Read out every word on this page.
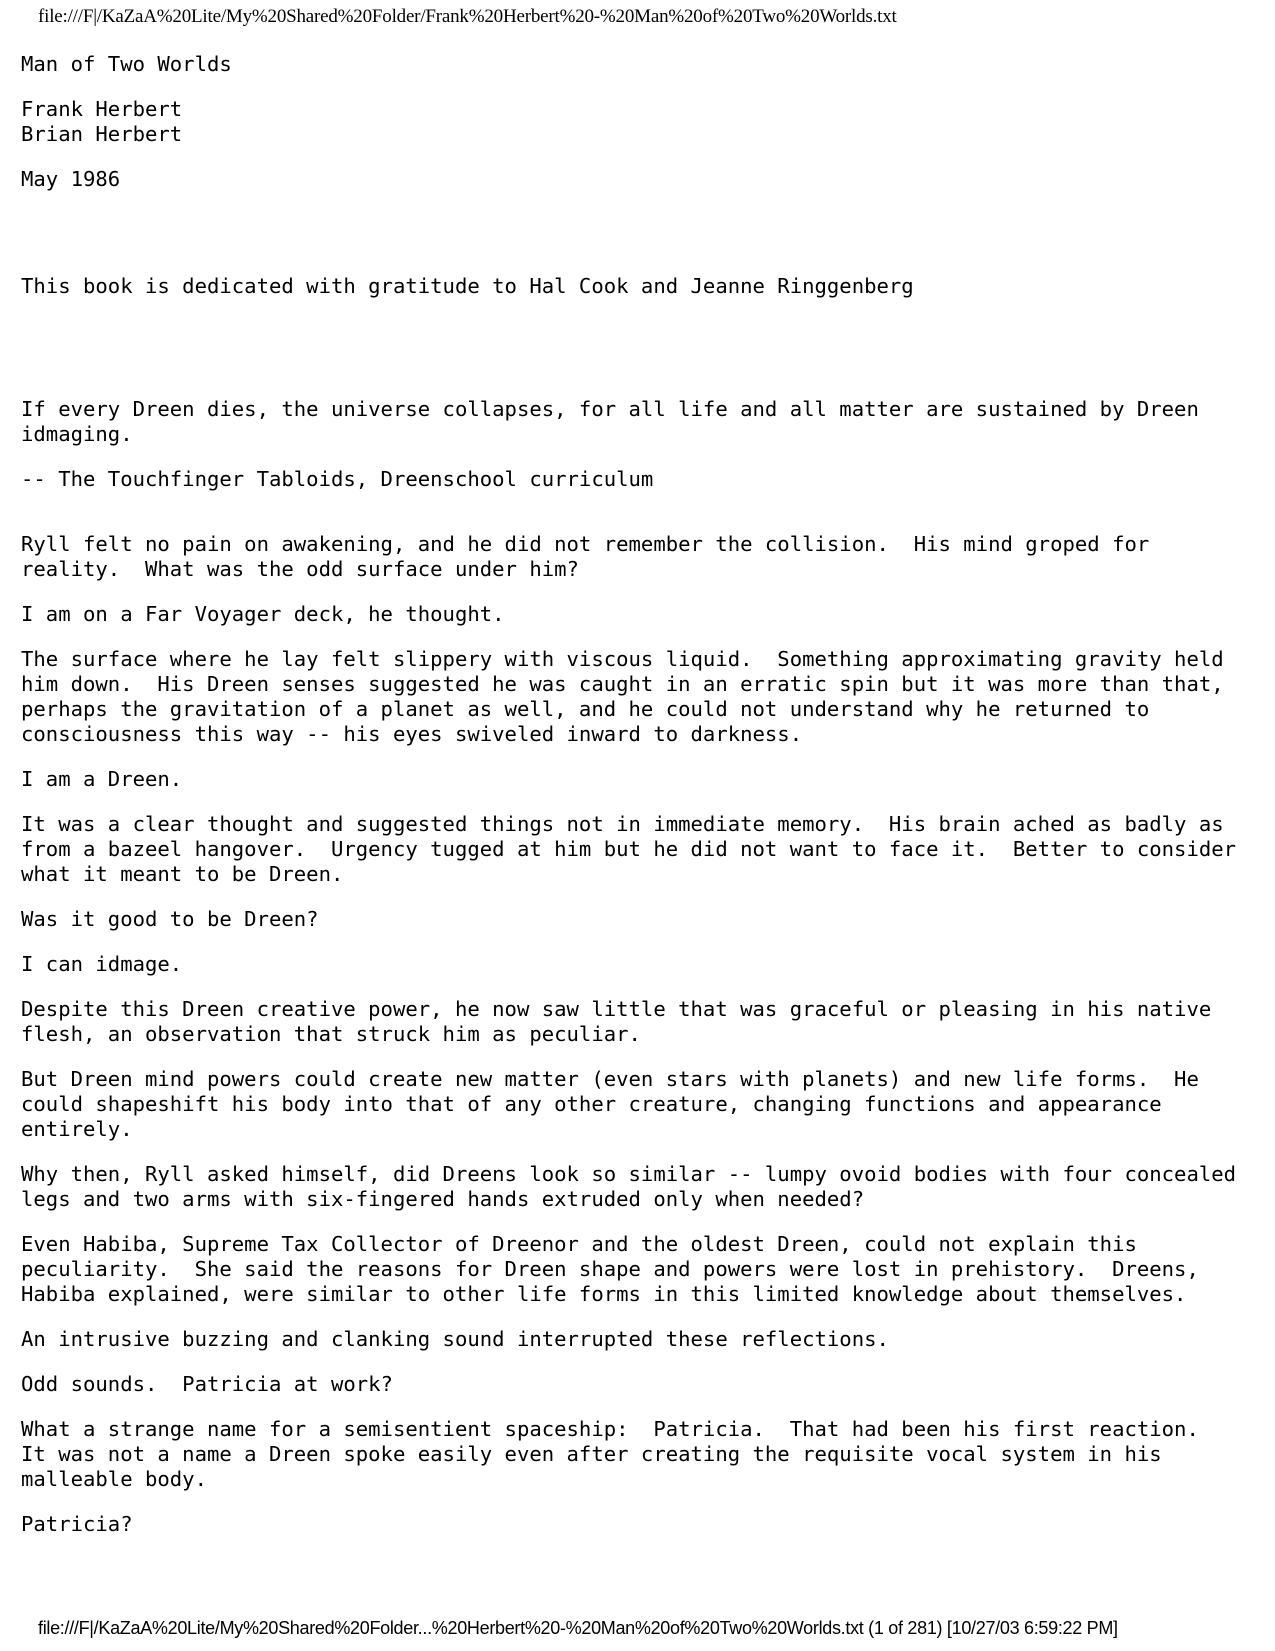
file:///F|/KaZaA%20Lite/My%20Shared%20Folder/Frank%20Herbert%20-%20Man%20of%20Two%20Worlds.txt

Man of Two Worlds

Frank Herbert
Brian Herbert

May 1986

This book is dedicated with gratitude to Hal Cook and Jeanne Ringgenberg

If every Dreen dies, the universe collapses, for all life and all matter are sustained by Dreen
idmaging.

-- The Touchfinger Tabloids, Dreenschool curriculum

Ryll felt no pain on awakening, and he did not remember the collision.  His mind groped for
reality.  What was the odd surface under him?

I am on a Far Voyager deck, he thought.

The surface where he lay felt slippery with viscous liquid.  Something approximating gravity held
him down.  His Dreen senses suggested he was caught in an erratic spin but it was more than that,
perhaps the gravitation of a planet as well, and he could not understand why he returned to
consciousness this way -- his eyes swiveled inward to darkness.

I am a Dreen.

It was a clear thought and suggested things not in immediate memory.  His brain ached as badly as
from a bazeel hangover.  Urgency tugged at him but he did not want to face it.  Better to consider
what it meant to be Dreen.

Was it good to be Dreen?

I can idmage.

Despite this Dreen creative power, he now saw little that was graceful or pleasing in his native
flesh, an observation that struck him as peculiar.

But Dreen mind powers could create new matter (even stars with planets) and new life forms.  He
could shapeshift his body into that of any other creature, changing functions and appearance
entirely.

Why then, Ryll asked himself, did Dreens look so similar -- lumpy ovoid bodies with four concealed
legs and two arms with six-fingered hands extruded only when needed?

Even Habiba, Supreme Tax Collector of Dreenor and the oldest Dreen, could not explain this
peculiarity.  She said the reasons for Dreen shape and powers were lost in prehistory.  Dreens,
Habiba explained, were similar to other life forms in this limited knowledge about themselves.

An intrusive buzzing and clanking sound interrupted these reflections.

Odd sounds.  Patricia at work?

What a strange name for a semisentient spaceship:  Patricia.  That had been his first reaction.
It was not a name a Dreen spoke easily even after creating the requisite vocal system in his
malleable body.

Patricia?

file:///F|/KaZaA%20Lite/My%20Shared%20Folder...%20Herbert%20-%20Man%20of%20Two%20Worlds.txt (1 of 281) [10/27/03 6:59:22 PM]
